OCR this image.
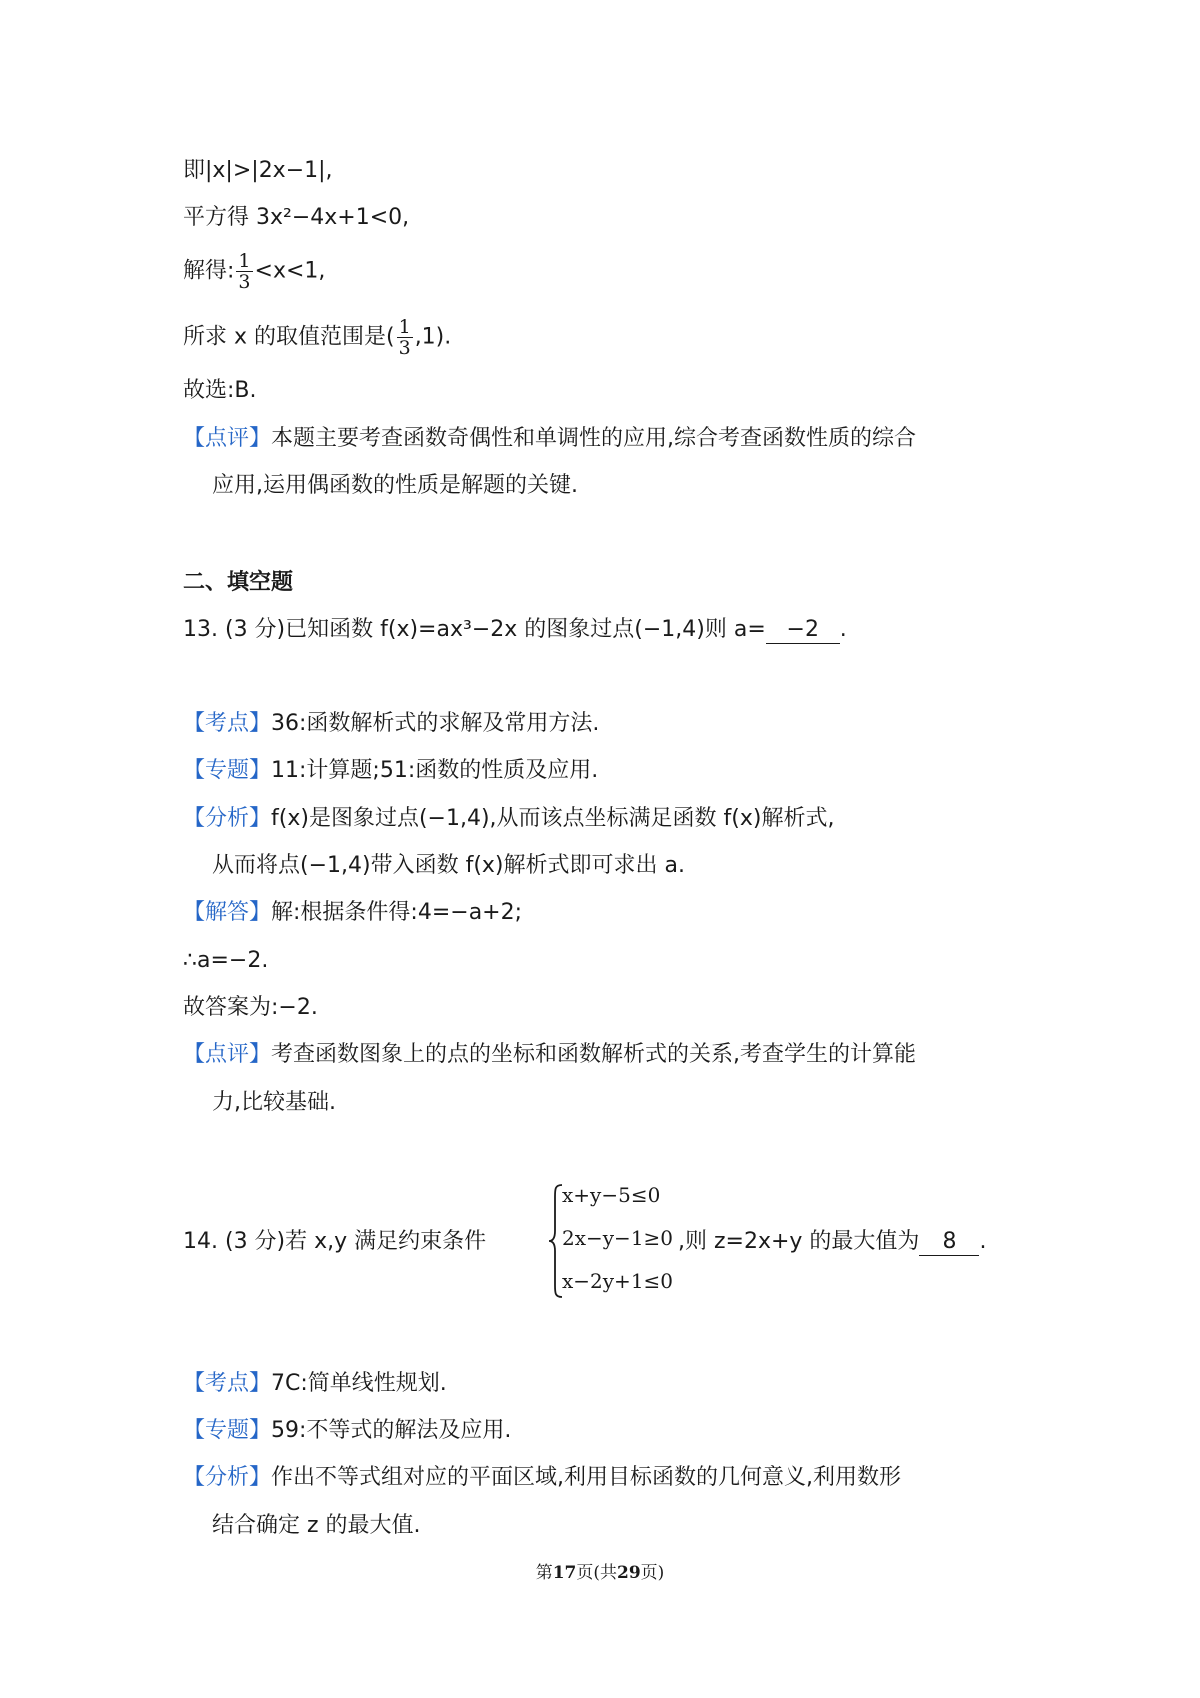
即|x|>|2x−1|,
平方得 3x²−4x+1<0,
解得: $\frac{1}{3} <x<1$,
所求 x 的取值范围是( $\frac{1}{3} ,1$).
故选:B.
【点评】本题主要考查函数奇偶性和单调性的应用,综合考查函数性质的综合
应用,运用偶函数的性质是解题的关键.
二、填空题
13. (3 分)已知函数 f(x)=ax³−2x 的图象过点(−1,4)则 a= −2 .
【考点】36:函数解析式的求解及常用方法.
【专题】11:计算题;51:函数的性质及应用.
【分析】f(x)是图象过点(−1,4),从而该点坐标满足函数 f(x)解析式,
从而将点(−1,4)带入函数 f(x)解析式即可求出 a.
【解答】解:根据条件得:4=−a+2;
∴a=−2.
故答案为:−2.
【点评】考查函数图象上的点的坐标和函数解析式的关系,考查学生的计算能
力,比较基础.
14. (3 分)若 x,y 满足约束条件
x+y−5≤0
2x−y−1≥0
x−2y+1≤0
,则 z=2x+y 的最大值为 8 .
【考点】7C:简单线性规划.
【专题】59:不等式的解法及应用.
【分析】作出不等式组对应的平面区域,利用目标函数的几何意义,利用数形
结合确定 z 的最大值.
第17页(共29页)
